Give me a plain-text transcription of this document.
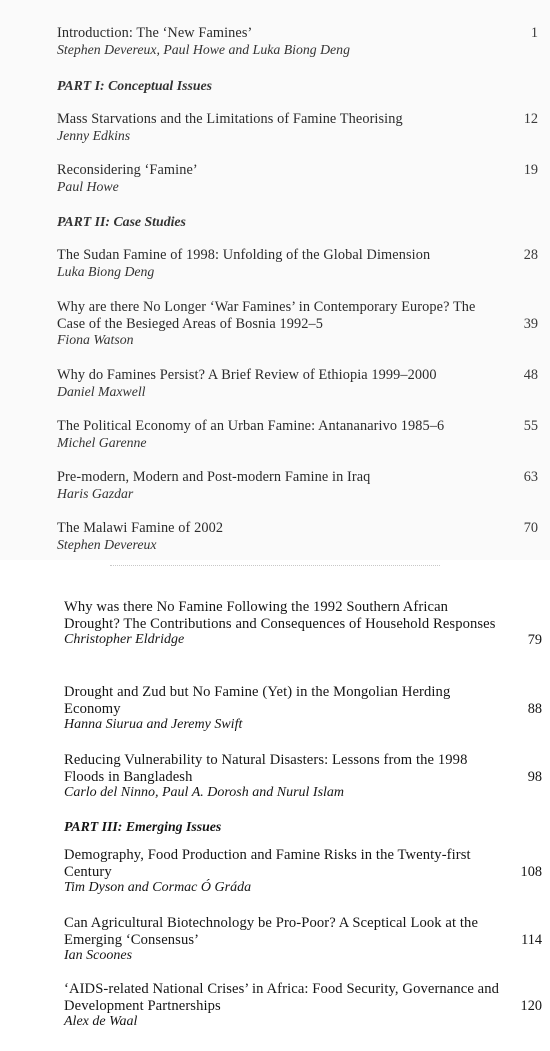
Introduction: The ‘New Famines’
Stephen Devereux, Paul Howe and Luka Biong Deng
1
PART I: Conceptual Issues
Mass Starvations and the Limitations of Famine Theorising
Jenny Edkins
12
Reconsidering ‘Famine’
Paul Howe
19
PART II: Case Studies
The Sudan Famine of 1998: Unfolding of the Global Dimension
Luka Biong Deng
28
Why are there No Longer ‘War Famines’ in Contemporary Europe? The Case of the Besieged Areas of Bosnia 1992–5
Fiona Watson
39
Why do Famines Persist? A Brief Review of Ethiopia 1999–2000
Daniel Maxwell
48
The Political Economy of an Urban Famine: Antananarivo 1985–6
Michel Garenne
55
Pre-modern, Modern and Post-modern Famine in Iraq
Haris Gazdar
63
The Malawi Famine of 2002
Stephen Devereux
70
Why was there No Famine Following the 1992 Southern African Drought? The Contributions and Consequences of Household Responses
Christopher Eldridge	79
Drought and Zud but No Famine (Yet) in the Mongolian Herding Economy
Hanna Siurua and Jeremy Swift
88
Reducing Vulnerability to Natural Disasters: Lessons from the 1998 Floods in Bangladesh
Carlo del Ninno, Paul A. Dorosh and Nurul Islam
98
PART III: Emerging Issues
Demography, Food Production and Famine Risks in the Twenty-first Century
Tim Dyson and Cormac Ó Gráda
108
Can Agricultural Biotechnology be Pro-Poor? A Sceptical Look at the Emerging ‘Consensus’
Ian Scoones
114
‘AIDS-related National Crises’ in Africa: Food Security, Governance and Development Partnerships
Alex de Waal
120
